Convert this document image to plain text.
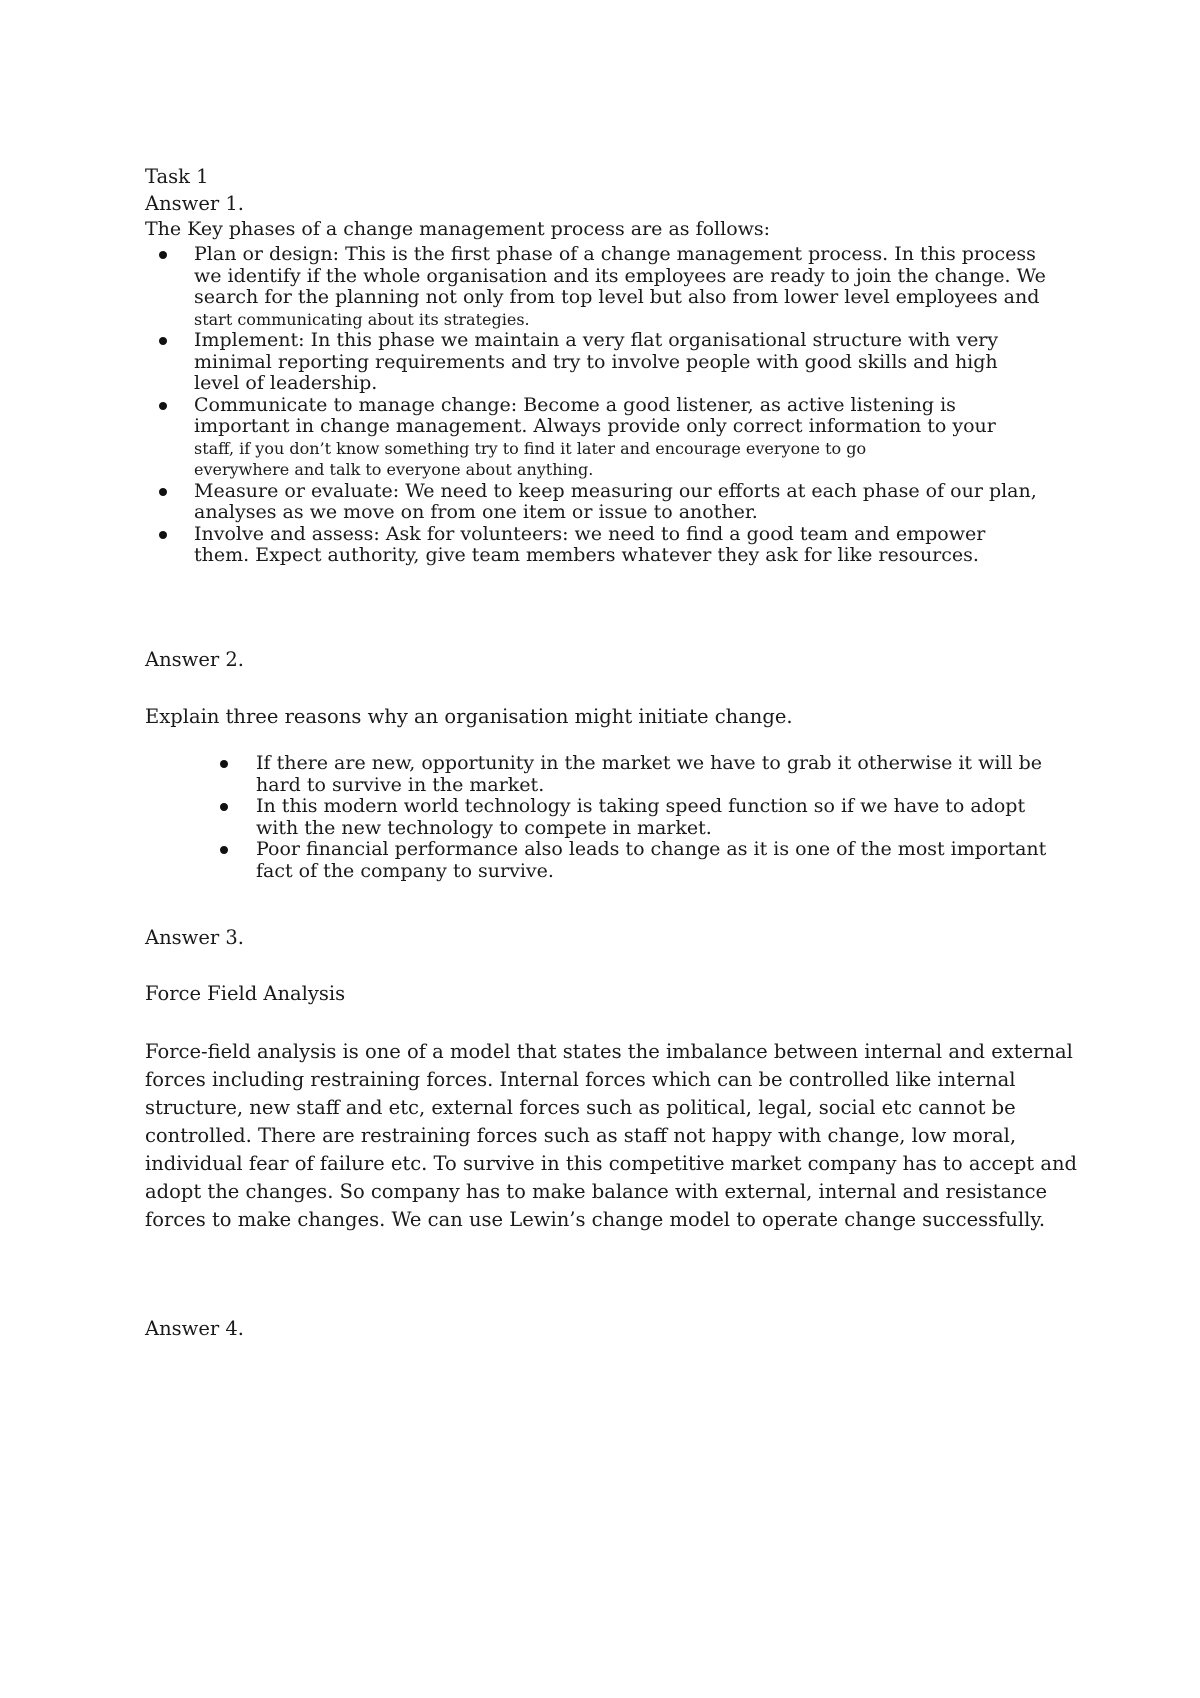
Task 1
Answer 1.
The Key phases of a change management process are as follows:
Plan or design: This is the first phase of a change management process. In this process
we identify if the whole organisation and its employees are ready to join the change. We
search for the planning not only from top level but also from lower level employees and
start communicating about its strategies.
Implement: In this phase we maintain a very flat organisational structure with very
minimal reporting requirements and try to involve people with good skills and high
level of leadership.
Communicate to manage change: Become a good listener, as active listening is
important in change management. Always provide only correct information to your
staff, if you don’t know something try to find it later and encourage everyone to go
everywhere and talk to everyone about anything.
Measure or evaluate: We need to keep measuring our efforts at each phase of our plan,
analyses as we move on from one item or issue to another.
Involve and assess: Ask for volunteers: we need to find a good team and empower
them. Expect authority, give team members whatever they ask for like resources.
Answer 2.
Explain three reasons why an organisation might initiate change.
If there are new, opportunity in the market we have to grab it otherwise it will be
hard to survive in the market.
In this modern world technology is taking speed function so if we have to adopt
with the new technology to compete in market.
Poor financial performance also leads to change as it is one of the most important
fact of the company to survive.
Answer 3.
Force Field Analysis
Force-field analysis is one of a model that states the imbalance between internal and external
forces including restraining forces. Internal forces which can be controlled like internal
structure, new staff and etc, external forces such as political, legal, social etc cannot be
controlled. There are restraining forces such as staff not happy with change, low moral,
individual fear of failure etc. To survive in this competitive market company has to accept and
adopt the changes. So company has to make balance with external, internal and resistance
forces to make changes. We can use Lewin’s change model to operate change successfully.
Answer 4.
